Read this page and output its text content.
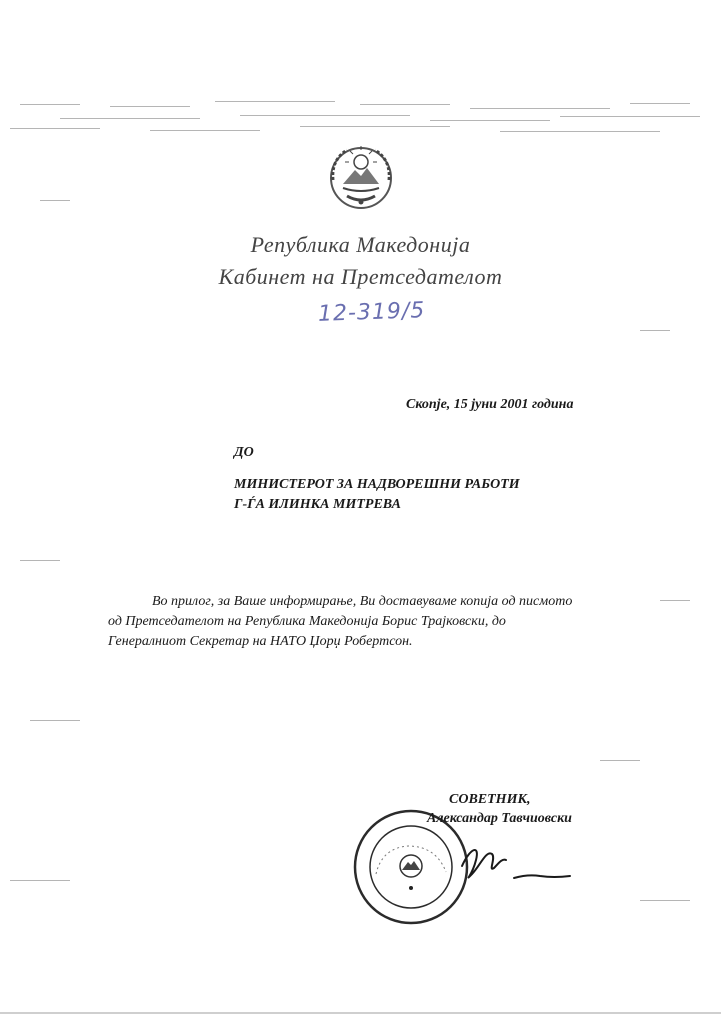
Република Македонија
Кабинет на Претседателот
12-319/5
Скопје, 15 јуни 2001 година
ДО
МИНИСТЕРОТ ЗА НАДВОРЕШНИ РАБОТИ
Г-ЃА ИЛИНКА МИТРЕВА
Во прилог, за Ваше информирање, Ви доставуваме копија од писмото
од Претседателот на Република Македонија Борис Трајковски, до
Генералниот Секретар на НАТО Џорџ Робертсон.
СОВЕТНИК,
Александар Тавчиовски
